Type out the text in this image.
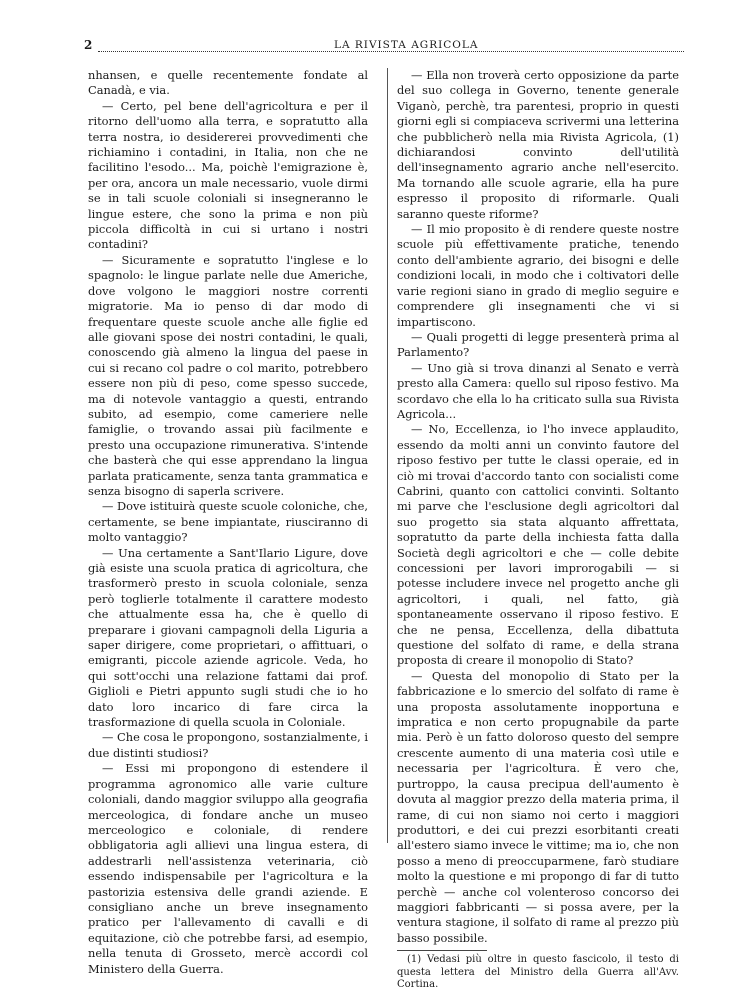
2	LA RIVISTA AGRICOLA

nhansen, e quelle recentemente fondate al Canadà, e via.

— Certo, pel bene dell'agricoltura e per il ritorno dell'uomo alla terra, e sopratutto alla terra nostra, io desidererei provvedimenti che richiamino i contadini, in Italia, non che ne facilitino l'esodo... Ma, poichè l'emigrazione è, per ora, ancora un male necessario, vuole dirmi se in tali scuole coloniali si insegneranno le lingue estere, che sono la prima e non più piccola difficoltà in cui si urtano i nostri contadini?

— Sicuramente e sopratutto l'inglese e lo spagnolo: le lingue parlate nelle due Americhe, dove volgono le maggiori nostre correnti migratorie. Ma io penso di dar modo di frequentare queste scuole anche alle figlie ed alle giovani spose dei nostri contadini, le quali, conoscendo già almeno la lingua del paese in cui si recano col padre o col marito, potrebbero essere non più di peso, come spesso succede, ma di notevole vantaggio a questi, entrando subito, ad esempio, come cameriere nelle famiglie, o trovando assai più facilmente e presto una occupazione rimunerativa. S'intende che basterà che qui esse apprendano la lingua parlata praticamente, senza tanta grammatica e senza bisogno di saperla scrivere.

— Dove istituirà queste scuole coloniche, che, certamente, se bene impiantate, riusciranno di molto vantaggio?

— Una certamente a Sant'Ilario Ligure, dove già esiste una scuola pratica di agricoltura, che trasformerò presto in scuola coloniale, senza però toglierle totalmente il carattere modesto che attualmente essa ha, che è quello di preparare i giovani campagnoli della Liguria a saper dirigere, come proprietari, o affittuari, o emigranti, piccole aziende agricole. Veda, ho qui sott'occhi una relazione fattami dai prof. Giglioli e Pietri appunto sugli studi che io ho dato loro incarico di fare circa la trasformazione di quella scuola in Coloniale.

— Che cosa le propongono, sostanzialmente, i due distinti studiosi?

— Essi mi propongono di estendere il programma agronomico alle varie culture coloniali, dando maggior sviluppo alla geografia merceologica, di fondare anche un museo merceologico e coloniale, di rendere obbligatoria agli allievi una lingua estera, di addestrarli nell'assistenza veterinaria, ciò essendo indispensabile per l'agricoltura e la pastorizia estensiva delle grandi aziende. E consigliano anche un breve insegnamento pratico per l'allevamento di cavalli e di equitazione, ciò che potrebbe farsi, ad esempio, nella tenuta di Grosseto, mercè accordi col Ministero della Guerra.

— Ella non troverà certo opposizione da parte del suo collega in Governo, tenente generale Viganò, perchè, tra parentesi, proprio in questi giorni egli si compiaceva scrivermi una letterina che pubblicherò nella mia Rivista Agricola, (1) dichiarandosi convinto dell'utilità dell'insegnamento agrario anche nell'esercito. Ma tornando alle scuole agrarie, ella ha pure espresso il proposito di riformarle. Quali saranno queste riforme?

— Il mio proposito è di rendere queste nostre scuole più effettivamente pratiche, tenendo conto dell'ambiente agrario, dei bisogni e delle condizioni locali, in modo che i coltivatori delle varie regioni siano in grado di meglio seguire e comprendere gli insegnamenti che vi si impartiscono.

— Quali progetti di legge presenterà prima al Parlamento?

— Uno già si trova dinanzi al Senato e verrà presto alla Camera: quello sul riposo festivo. Ma scordavo che ella lo ha criticato sulla sua Rivista Agricola...

— No, Eccellenza, io l'ho invece applaudito, essendo da molti anni un convinto fautore del riposo festivo per tutte le classi operaie, ed in ciò mi trovai d'accordo tanto con socialisti come Cabrini, quanto con cattolici convinti. Soltanto mi parve che l'esclusione degli agricoltori dal suo progetto sia stata alquanto affrettata, sopratutto da parte della inchiesta fatta dalla Società degli agricoltori e che — colle debite concessioni per lavori improrogabili — si potesse includere invece nel progetto anche gli agricoltori, i quali, nel fatto, già spontaneamente osservano il riposo festivo. E che ne pensa, Eccellenza, della dibattuta questione del solfato di rame, e della strana proposta di creare il monopolio di Stato?

— Questa del monopolio di Stato per la fabbricazione e lo smercio del solfato di rame è una proposta assolutamente inopportuna e impratica e non certo propugnabile da parte mia. Però è un fatto doloroso questo del sempre crescente aumento di una materia così utile e necessaria per l'agricoltura. È vero che, purtroppo, la causa precipua dell'aumento è dovuta al maggior prezzo della materia prima, il rame, di cui non siamo noi certo i maggiori produttori, e dei cui prezzi esorbitanti creati all'estero siamo invece le vittime; ma io, che non posso a meno di preoccuparmene, farò studiare molto la questione e mi propongo di far di tutto perchè — anche col volenteroso concorso dei maggiori fabbricanti — si possa avere, per la ventura stagione, il solfato di rame al prezzo più basso possibile.

(1) Vedasi più oltre in questo fascicolo, il testo di questa lettera del Ministro della Guerra all'Avv. Cortina.
